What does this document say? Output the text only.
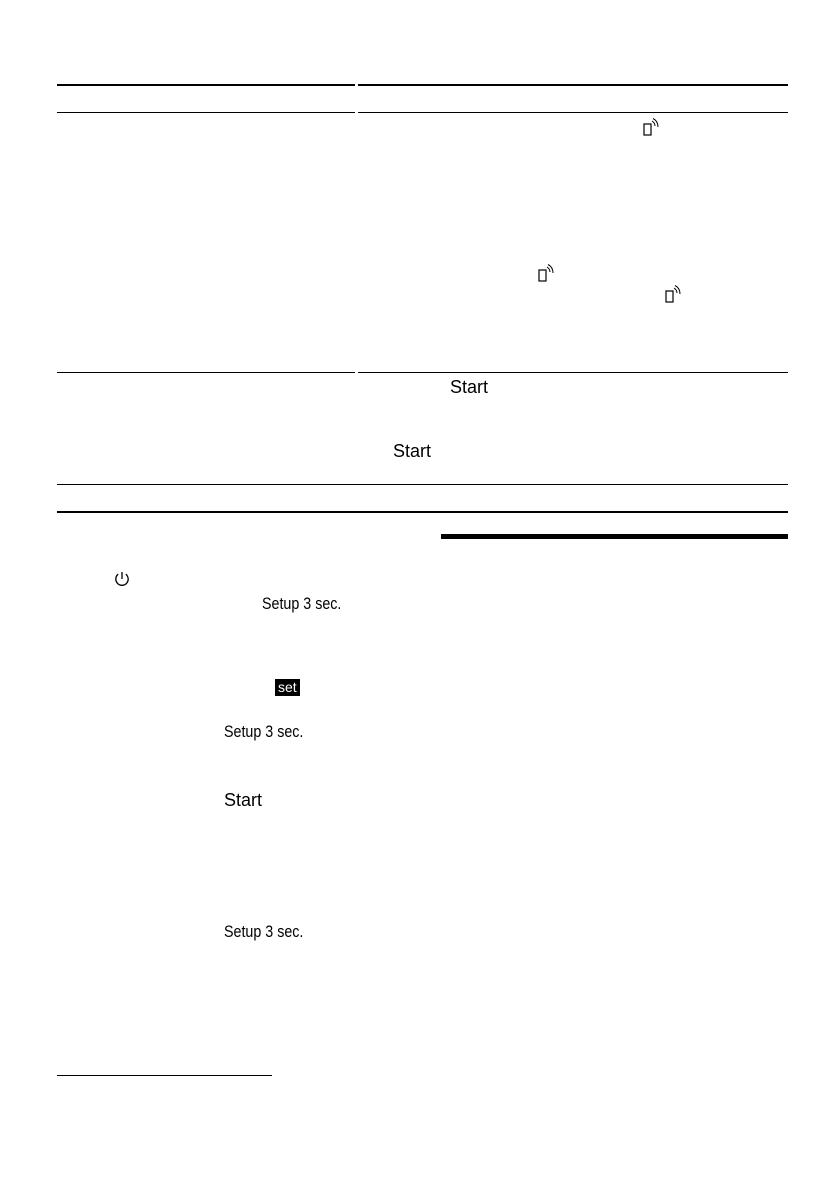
Start
Start
Setup 3 sec.
set
Setup 3 sec.
Start
Setup 3 sec.
